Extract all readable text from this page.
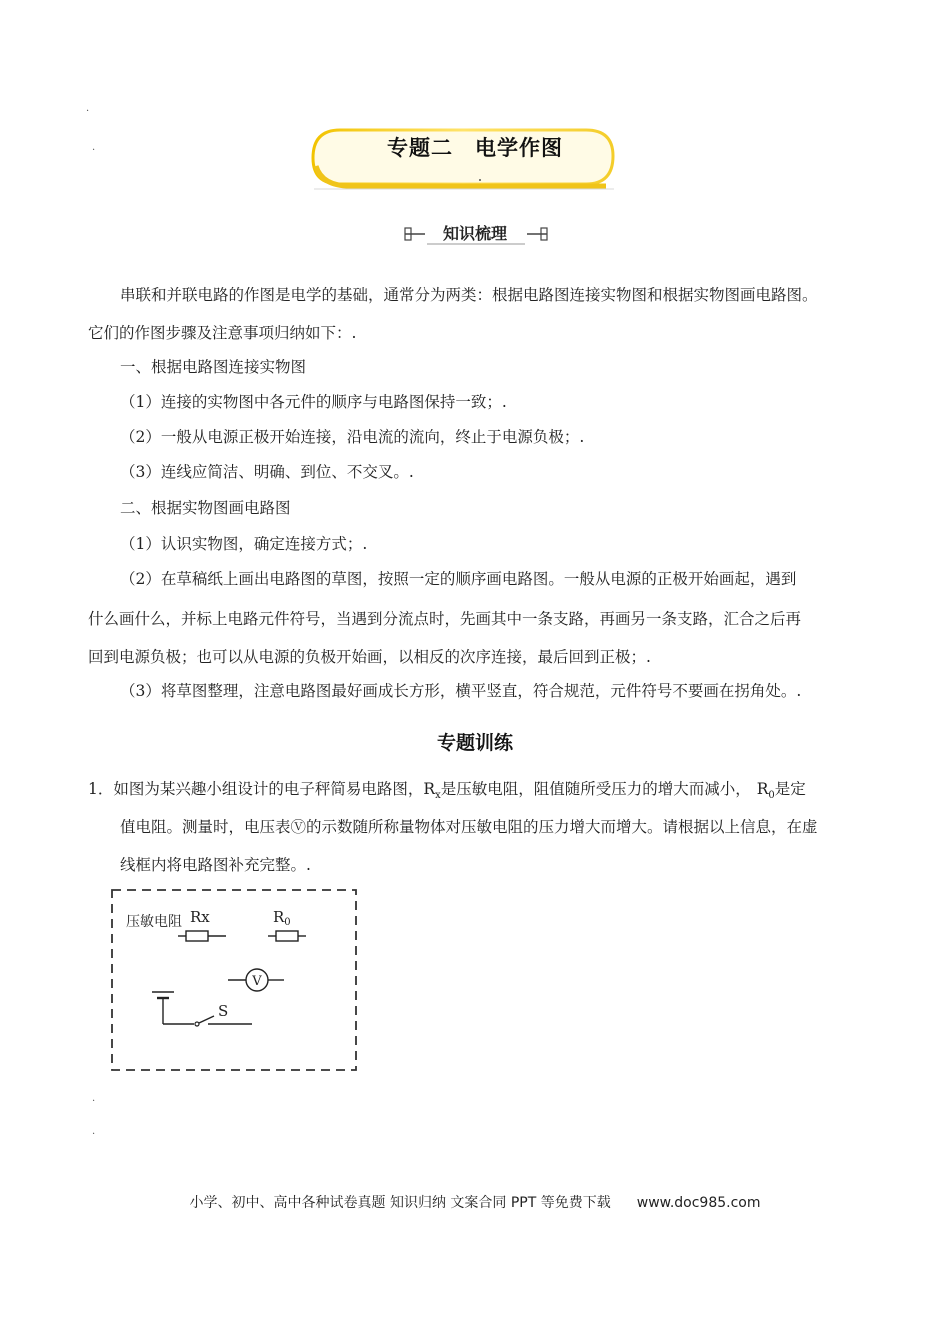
·
.
.
.
专题二　电学作图
知识梳理
串联和并联电路的作图是电学的基础，通常分为两类：根据电路图连接实物图和根据实物图画电路图。
它们的作图步骤及注意事项归纳如下：.
一、根据电路图连接实物图
（1）连接的实物图中各元件的顺序与电路图保持一致；.
（2）一般从电源正极开始连接，沿电流的流向，终止于电源负极；.
（3）连线应简洁、明确、到位、不交叉。.
二、根据实物图画电路图
（1）认识实物图，确定连接方式；.
（2）在草稿纸上画出电路图的草图，按照一定的顺序画电路图。一般从电源的正极开始画起，遇到
什么画什么，并标上电路元件符号，当遇到分流点时，先画其中一条支路，再画另一条支路，汇合之后再
回到电源负极；也可以从电源的负极开始画，以相反的次序连接，最后回到正极；.
（3）将草图整理，注意电路图最好画成长方形，横平竖直，符合规范，元件符号不要画在拐角处。.
专题训练
1．如图为某兴趣小组设计的电子秤简易电路图，$R_x$是压敏电阻，阻值随所受压力的增大而减小， $R_0$是定
值电阻。测量时，电压表Ⓥ的示数随所称量物体对压敏电阻的压力增大而增大。请根据以上信息，在虚
线框内将电路图补充完整。.
压敏电阻 Rx	$R_0$
V
S
小学、初中、高中各种试卷真题 知识归纳 文案合同 PPT 等免费下载 www.doc985.com
